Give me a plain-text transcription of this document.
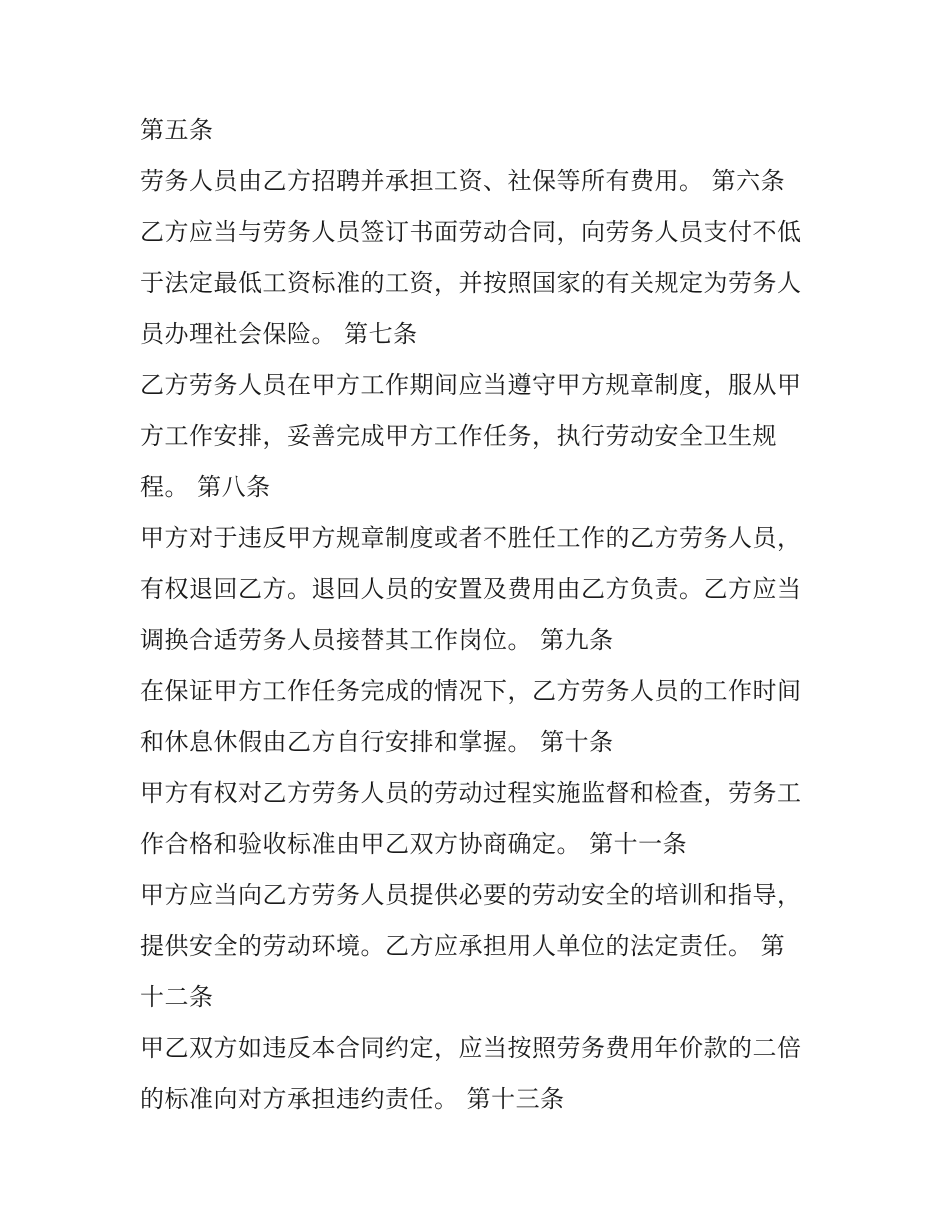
第五条
劳务人员由乙方招聘并承担工资、社保等所有费用。 第六条
乙方应当与劳务人员签订书面劳动合同，向劳务人员支付不低
于法定最低工资标准的工资，并按照国家的有关规定为劳务人
员办理社会保险。 第七条
乙方劳务人员在甲方工作期间应当遵守甲方规章制度，服从甲
方工作安排，妥善完成甲方工作任务，执行劳动安全卫生规
程。 第八条
甲方对于违反甲方规章制度或者不胜任工作的乙方劳务人员，
有权退回乙方。退回人员的安置及费用由乙方负责。乙方应当
调换合适劳务人员接替其工作岗位。 第九条
在保证甲方工作任务完成的情况下，乙方劳务人员的工作时间
和休息休假由乙方自行安排和掌握。 第十条
甲方有权对乙方劳务人员的劳动过程实施监督和检查，劳务工
作合格和验收标准由甲乙双方协商确定。 第十一条
甲方应当向乙方劳务人员提供必要的劳动安全的培训和指导，
提供安全的劳动环境。乙方应承担用人单位的法定责任。 第
十二条
甲乙双方如违反本合同约定，应当按照劳务费用年价款的二倍
的标准向对方承担违约责任。 第十三条
